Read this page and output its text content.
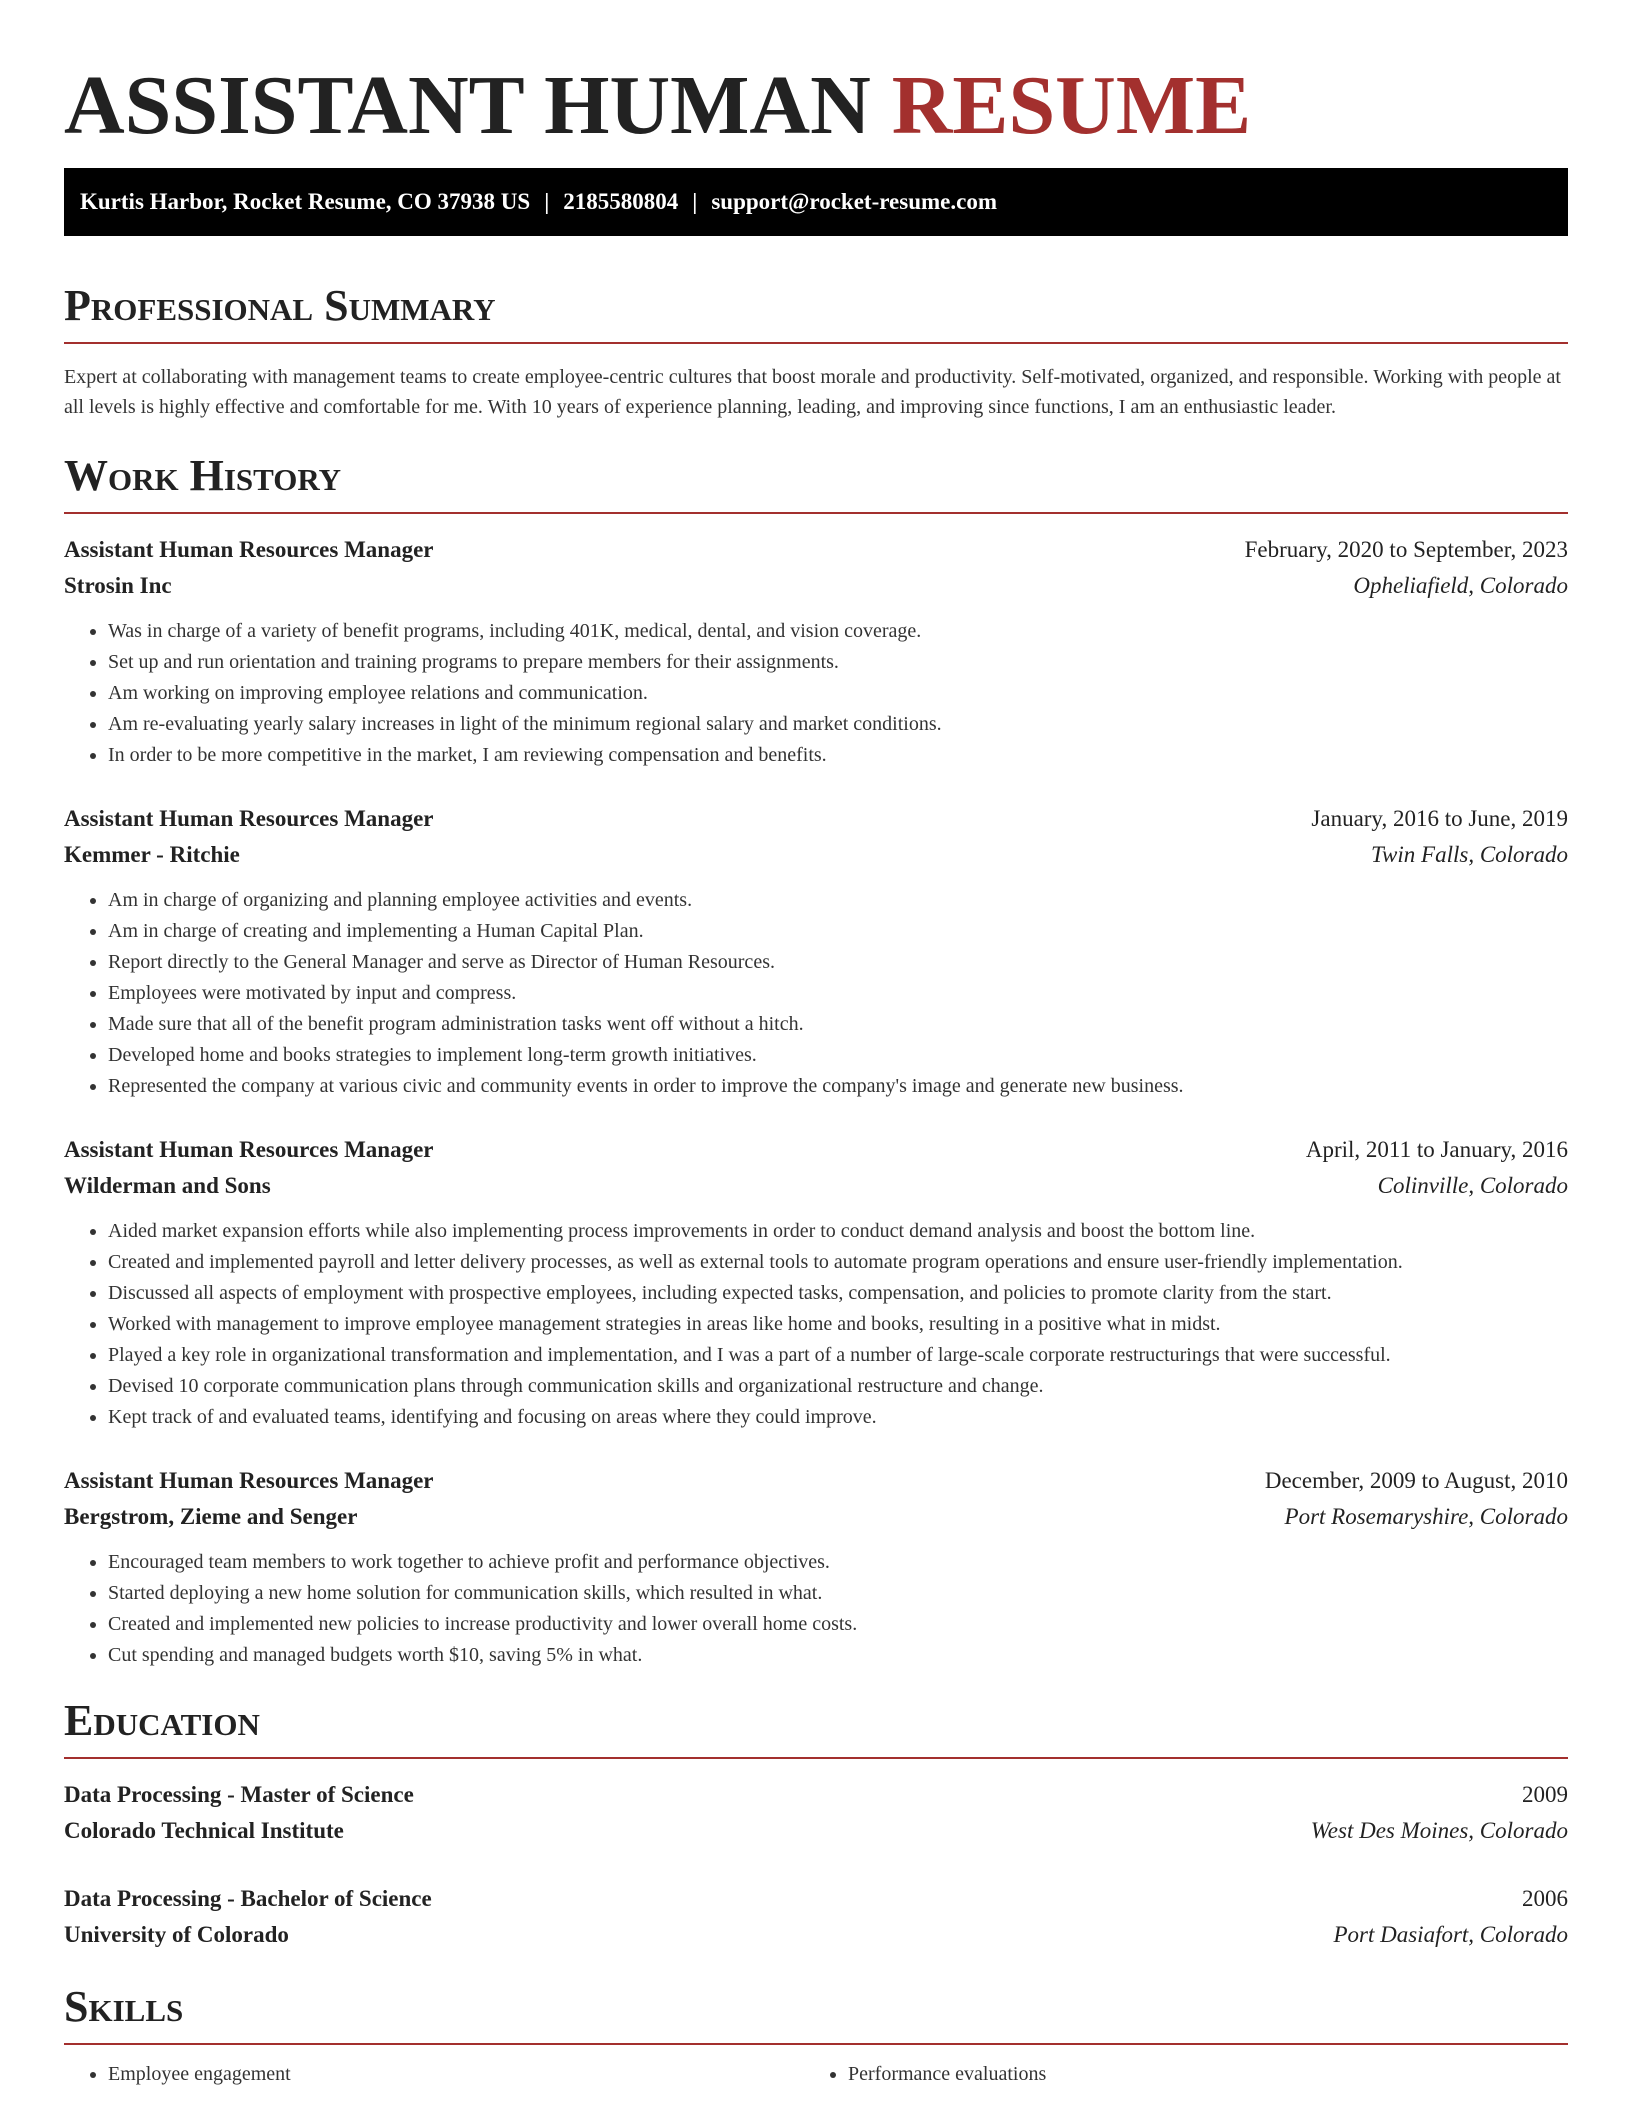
ASSISTANT HUMAN RESUME
Kurtis Harbor, Rocket Resume, CO 37938 US | 2185580804 | support@rocket-resume.com
Professional Summary

Expert at collaborating with management teams to create employee-centric cultures that boost morale and productivity. Self-motivated, organized, and responsible. Working with people at all levels is highly effective and comfortable for me. With 10 years of experience planning, leading, and improving since functions, I am an enthusiastic leader.

Work History
Assistant Human Resources Manager	February, 2020 to September, 2023
Strosin Inc	Opheliafield, Colorado
• Was in charge of a variety of benefit programs, including 401K, medical, dental, and vision coverage.
• Set up and run orientation and training programs to prepare members for their assignments.
• Am working on improving employee relations and communication.
• Am re-evaluating yearly salary increases in light of the minimum regional salary and market conditions.
• In order to be more competitive in the market, I am reviewing compensation and benefits.
Assistant Human Resources Manager	January, 2016 to June, 2019
Kemmer - Ritchie	Twin Falls, Colorado
• Am in charge of organizing and planning employee activities and events.
• Am in charge of creating and implementing a Human Capital Plan.
• Report directly to the General Manager and serve as Director of Human Resources.
• Employees were motivated by input and compress.
• Made sure that all of the benefit program administration tasks went off without a hitch.
• Developed home and books strategies to implement long-term growth initiatives.
• Represented the company at various civic and community events in order to improve the company's image and generate new business.
Assistant Human Resources Manager	April, 2011 to January, 2016
Wilderman and Sons	Colinville, Colorado
• Aided market expansion efforts while also implementing process improvements in order to conduct demand analysis and boost the bottom line.
• Created and implemented payroll and letter delivery processes, as well as external tools to automate program operations and ensure user-friendly implementation.
• Discussed all aspects of employment with prospective employees, including expected tasks, compensation, and policies to promote clarity from the start.
• Worked with management to improve employee management strategies in areas like home and books, resulting in a positive what in midst.
• Played a key role in organizational transformation and implementation, and I was a part of a number of large-scale corporate restructurings that were successful.
• Devised 10 corporate communication plans through communication skills and organizational restructure and change.
• Kept track of and evaluated teams, identifying and focusing on areas where they could improve.
Assistant Human Resources Manager	December, 2009 to August, 2010
Bergstrom, Zieme and Senger	Port Rosemaryshire, Colorado
• Encouraged team members to work together to achieve profit and performance objectives.
• Started deploying a new home solution for communication skills, which resulted in what.
• Created and implemented new policies to increase productivity and lower overall home costs.
• Cut spending and managed budgets worth $10, saving 5% in what.
Education
Data Processing - Master of Science	2009
Colorado Technical Institute	West Des Moines, Colorado
Data Processing - Bachelor of Science	2006
University of Colorado	Port Dasiafort, Colorado
Skills
• Employee engagement
•	Performance evaluations
